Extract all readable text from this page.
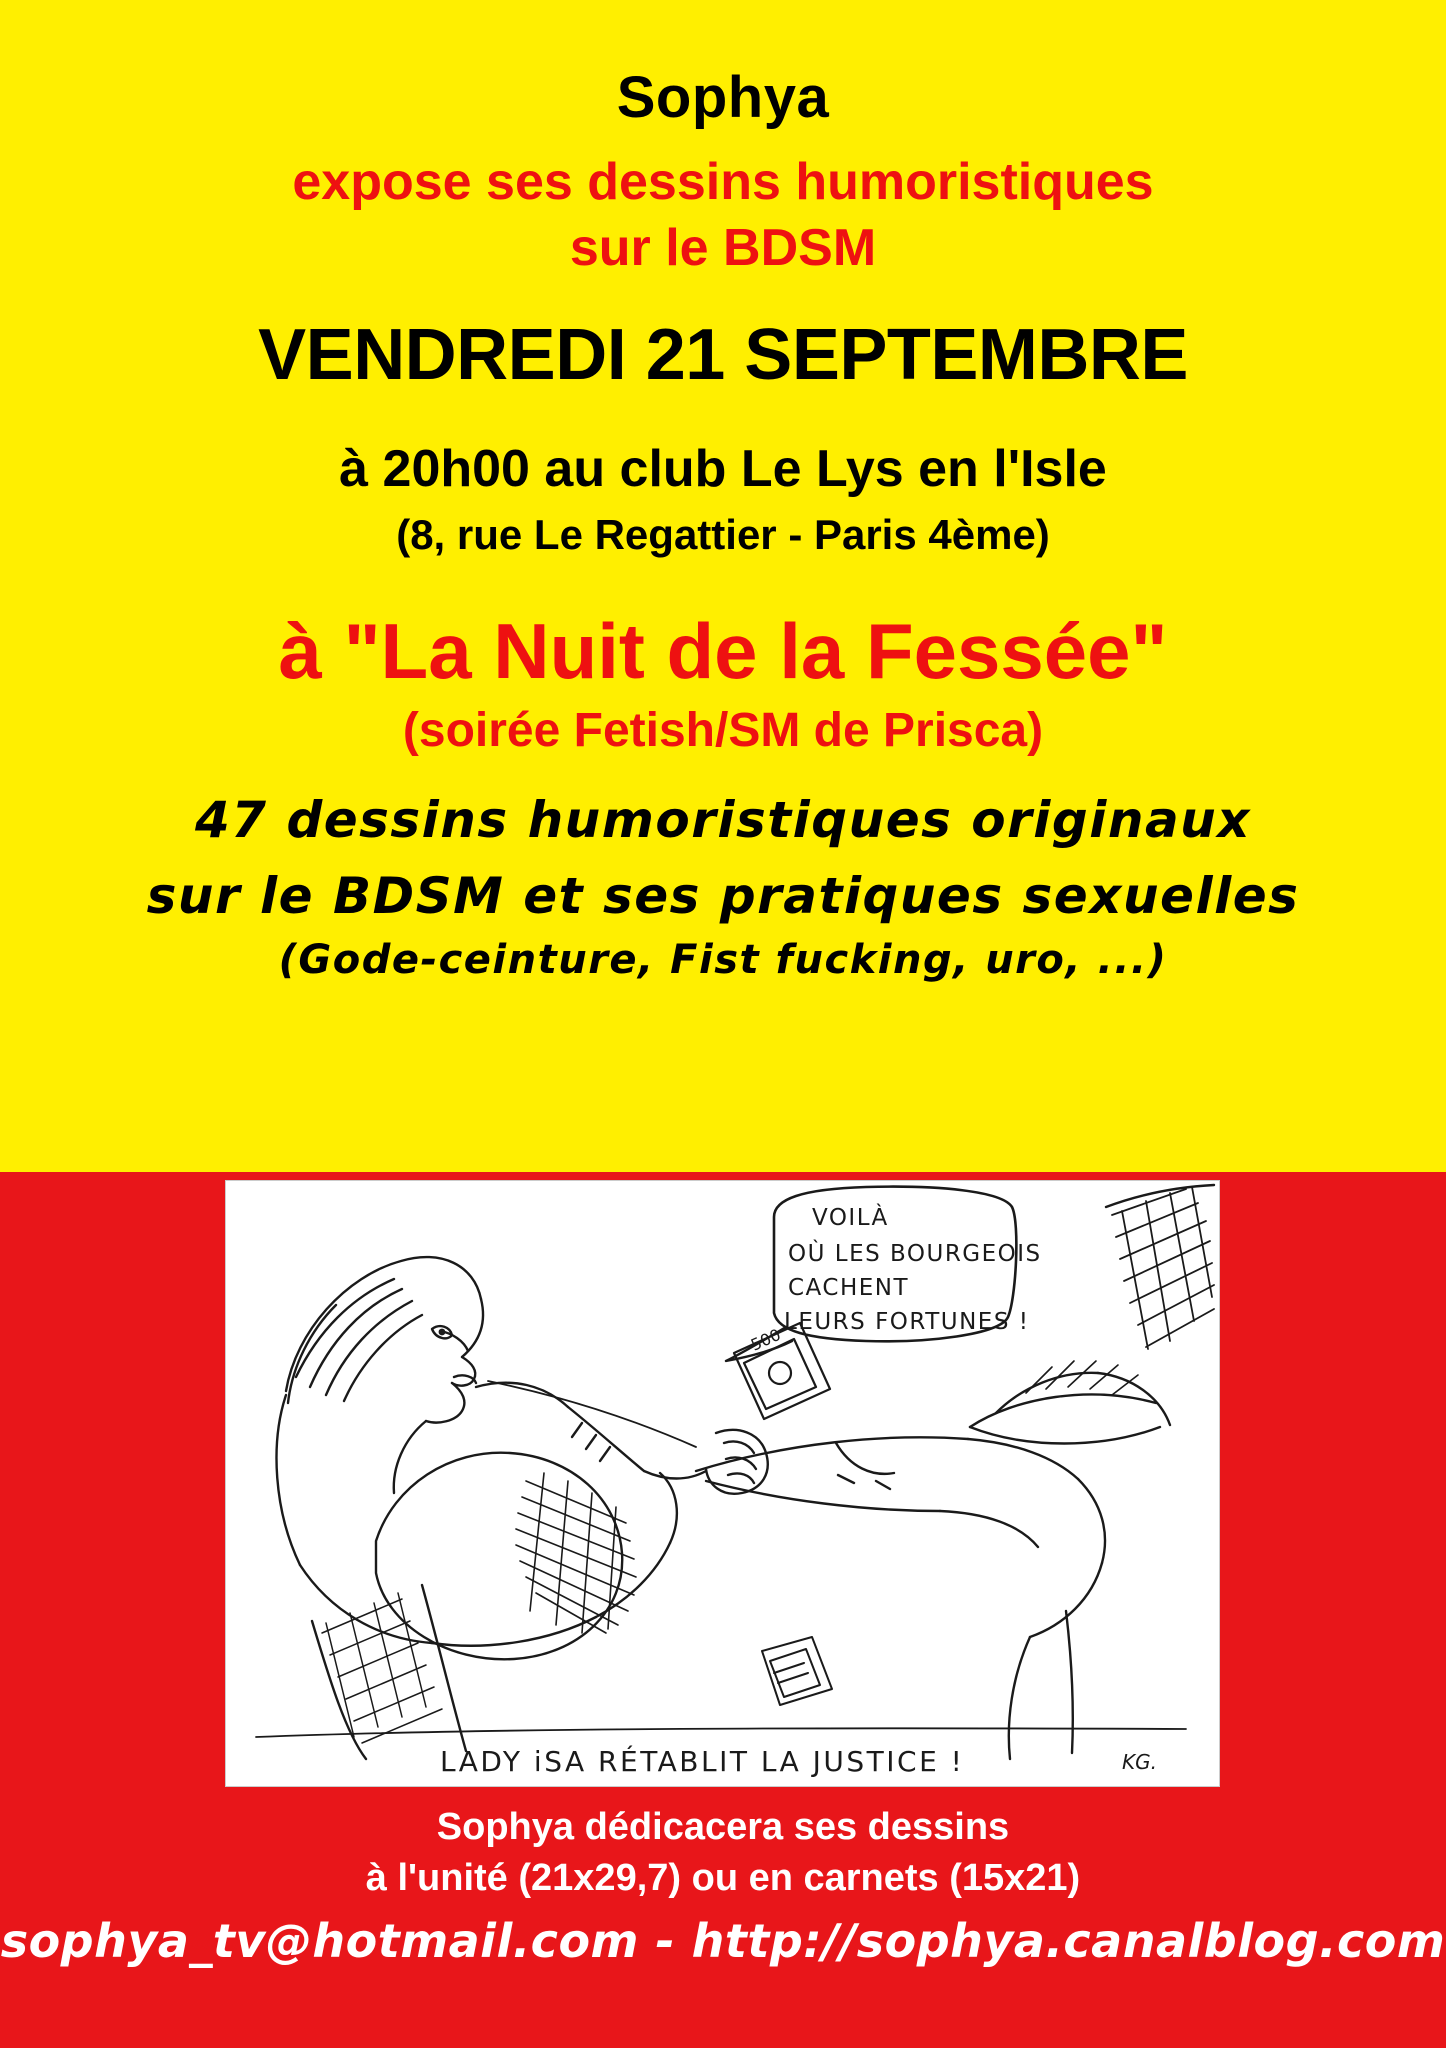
Sophya

expose ses dessins humoristiques

sur le BDSM

VENDREDI 21 SEPTEMBRE

à 20h00 au club Le Lys en l'Isle

(8, rue Le Regattier - Paris 4ème)

à "La Nuit de la Fessée"

(soirée Fetish/SM de Prisca)

47 dessins humoristiques originaux

sur le BDSM et ses pratiques sexuelles

(Gode-ceinture, Fist fucking, uro, ...)

500
VOILÀ
OÙ LES BOURGEOIS
CACHENT
LEURS FORTUNES !
LADY iSA RÉTABLIT LA JUSTICE !	KG.
Sophya dédicacera ses dessins
à l'unité (21x29,7) ou en carnets (15x21)
sophya_tv@hotmail.com - http://sophya.canalblog.com
